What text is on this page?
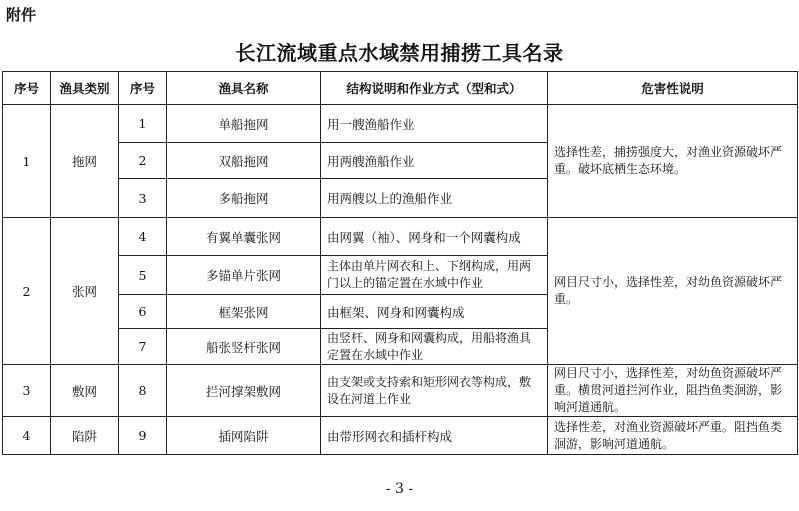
附件
长江流域重点水域禁用捕捞工具名录
序号	渔具类别	序号	渔具名称	结构说明和作业方式（型和式）	危害性说明
1	拖网	1	单船拖网	用一艘渔船作业	选择性差，捕捞强度大，对渔业资源破坏严重。破坏底栖生态环境。
		2	双船拖网	用两艘渔船作业	
		3	多船拖网	用两艘以上的渔船作业	
2	张网	4	有翼单囊张网	由网翼（袖）、网身和一个网囊构成	网目尺寸小，选择性差，对幼鱼资源破坏严重。
		5	多锚单片张网	主体由单片网衣和上、下纲构成，用两门以上的锚定置在水域中作业	
		6	框架张网	由框架、网身和网囊构成	
		7	船张竖杆张网	由竖杆、网身和网囊构成，用船将渔具定置在水域中作业	
3	敷网	8	拦河撑架敷网	由支架或支持索和矩形网衣等构成，敷设在河道上作业	网目尺寸小，选择性差，对幼鱼资源破坏严重。横贯河道拦河作业，阻挡鱼类洄游，影响河道通航。
4	陷阱	9	插网陷阱	由带形网衣和插杆构成	选择性差，对渔业资源破坏严重。阻挡鱼类洄游，影响河道通航。
- 3 -
